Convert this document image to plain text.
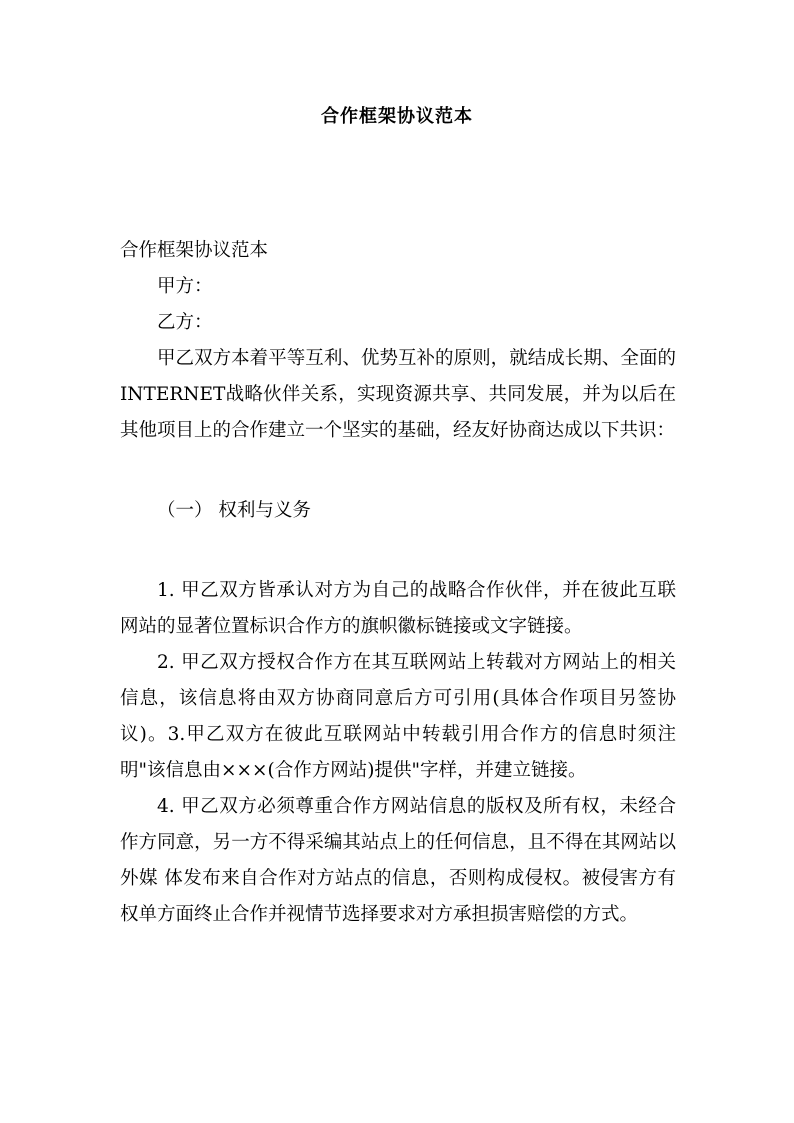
合作框架协议范本

合作框架协议范本

甲方：

乙方：

甲乙双方本着平等互利、优势互补的原则，就结成长期、全面的INTERNET战略伙伴关系，实现资源共享、共同发展，并为以后在其他项目上的合作建立一个坚实的基础，经友好协商达成以下共识：

（一） 权利与义务

1. 甲乙双方皆承认对方为自己的战略合作伙伴，并在彼此互联网站的显著位置标识合作方的旗帜徽标链接或文字链接。

2. 甲乙双方授权合作方在其互联网站上转载对方网站上的相关信息，该信息将由双方协商同意后方可引用(具体合作项目另签协议)。3.甲乙双方在彼此互联网站中转载引用合作方的信息时须注明"该信息由×××(合作方网站)提供"字样，并建立链接。

4. 甲乙双方必须尊重合作方网站信息的版权及所有权，未经合作方同意，另一方不得采编其站点上的任何信息，且不得在其网站以外媒 体发布来自合作对方站点的信息，否则构成侵权。被侵害方有权单方面终止合作并视情节选择要求对方承担损害赔偿的方式。
